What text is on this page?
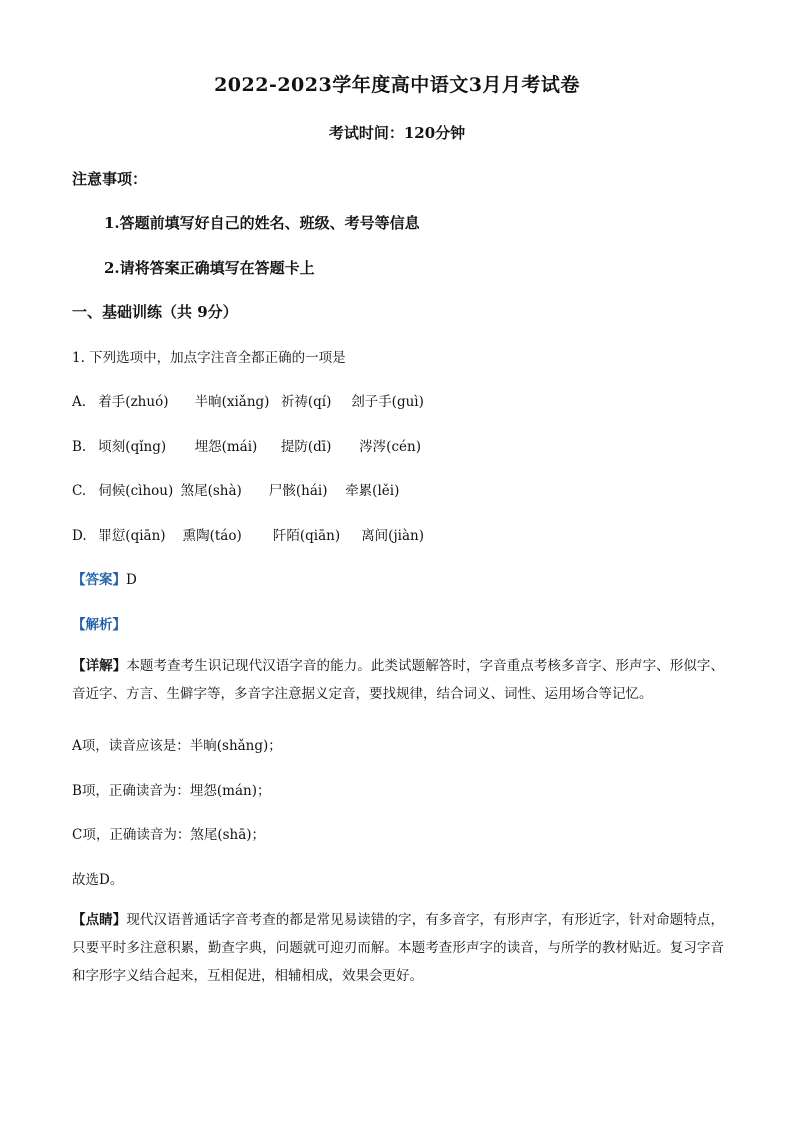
2022-2023学年度高中语文3月月考试卷
考试时间：120分钟
注意事项：
1.答题前填写好自己的姓名、班级、考号等信息
2.请将答案正确填写在答题卡上
一、基础训练（共 9分）
1. 下列选项中，加点字注音全都正确的一项是
A. 着手(zhuó) 半晌(xiǎng) 祈祷(qí) 刽子手(guì)
B. 顷刻(qǐng) 埋怨(mái) 提防(dī) 涔涔(cén)
C. 伺候(cìhou) 煞尾(shà) 尸骸(hái) 牵累(lěi)
D. 罪愆(qiān) 熏陶(táo) 阡陌(qiān) 离间(jiàn)
【答案】D
【解析】
【详解】本题考查考生识记现代汉语字音的能力。此类试题解答时，字音重点考核多音字、形声字、形似字、音近字、方言、生僻字等，多音字注意据义定音，要找规律，结合词义、词性、运用场合等记忆。
A项，读音应该是：半晌(shǎng)；
B项，正确读音为：埋怨(mán)；
C项，正确读音为：煞尾(shā)；
故选D。
【点睛】现代汉语普通话字音考查的都是常见易读错的字，有多音字，有形声字，有形近字，针对命题特点，只要平时多注意积累，勤查字典，问题就可迎刃而解。本题考查形声字的读音，与所学的教材贴近。复习字音和字形字义结合起来，互相促进，相辅相成，效果会更好。
